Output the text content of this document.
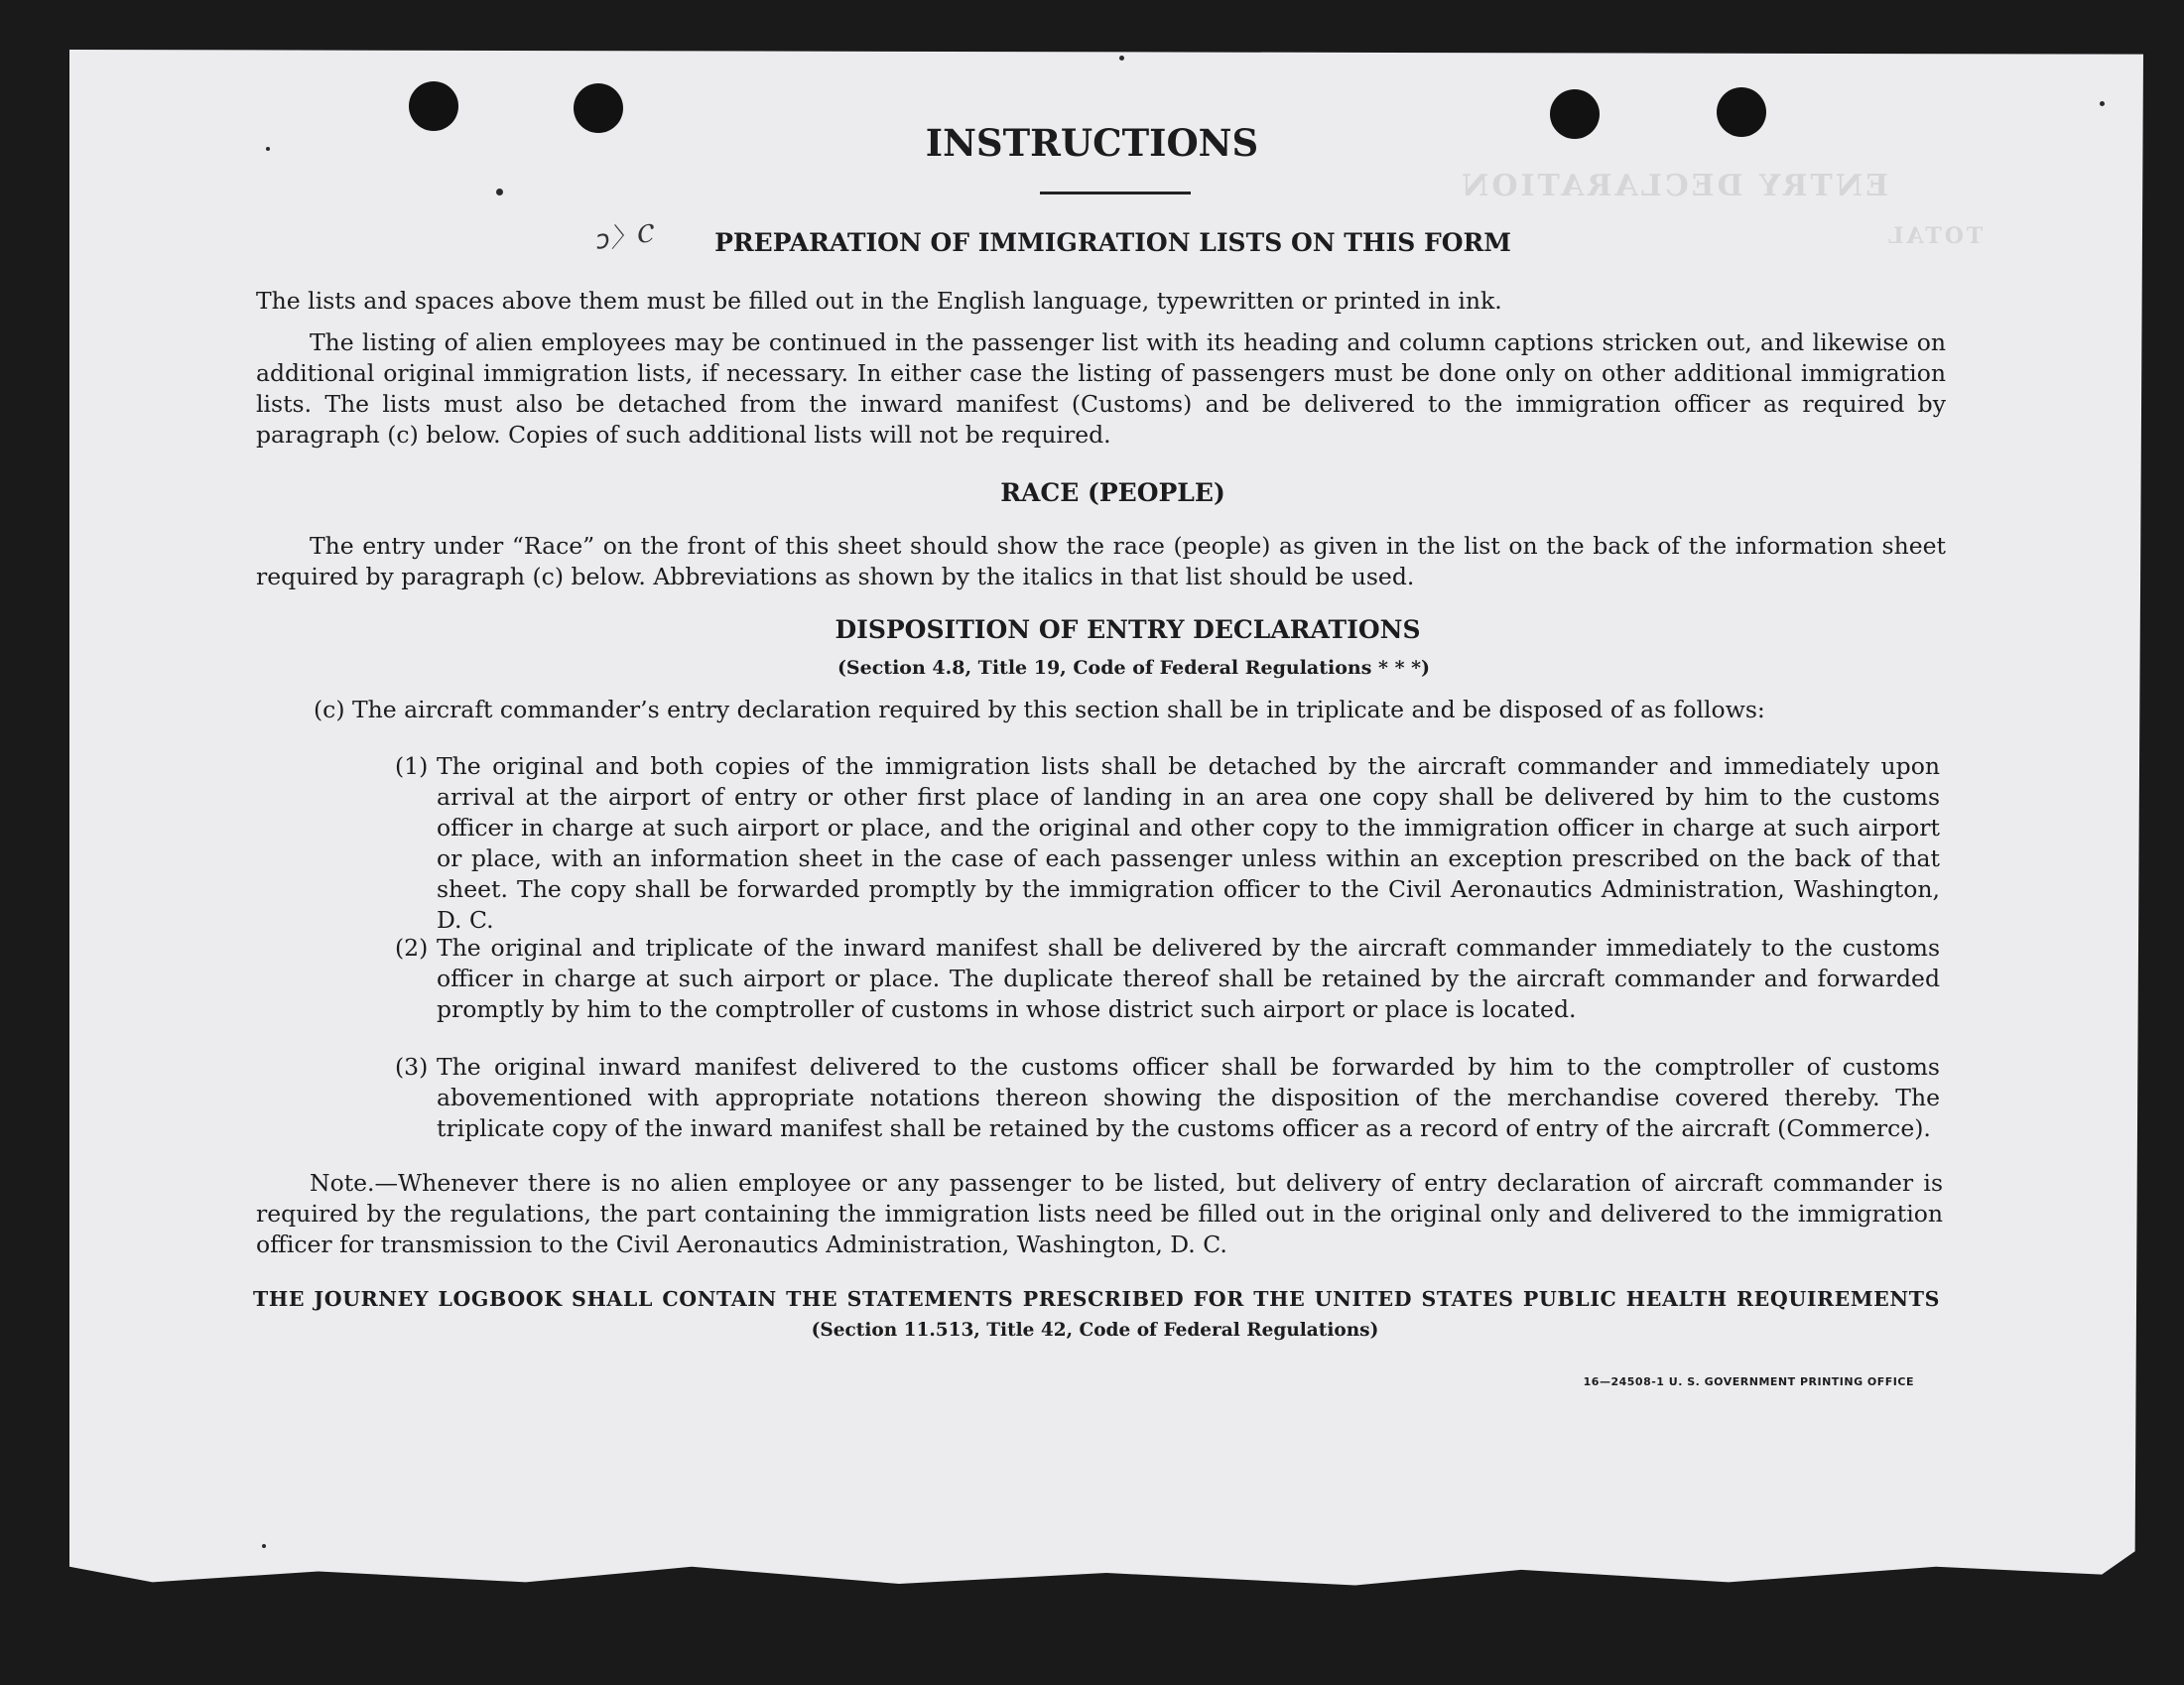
ENTRY DECLARATION
TOTAL
INSTRUCTIONS
ɔ〉Ⲥ	PREPARATION OF IMMIGRATION LISTS ON THIS FORM
The lists and spaces above them must be filled out in the English language, typewritten or printed in ink.
The listing of alien employees may be continued in the passenger list with its heading and column captions stricken out, and likewise on additional original immigration lists, if necessary. In either case the listing of passengers must be done only on other additional immigration lists. The lists must also be detached from the inward manifest (Customs) and be delivered to the immigration officer as required by paragraph (c) below. Copies of such additional lists will not be required.
RACE (PEOPLE)
The entry under “Race” on the front of this sheet should show the race (people) as given in the list on the back of the information sheet required by paragraph (c) below. Abbreviations as shown by the italics in that list should be used.
DISPOSITION OF ENTRY DECLARATIONS
(Section 4.8, Title 19, Code of Federal Regulations * * *)
(c) The aircraft commander’s entry declaration required by this section shall be in triplicate and be disposed of as follows:
(1) The original and both copies of the immigration lists shall be detached by the aircraft commander and immediately upon arrival at the airport of entry or other first place of landing in an area one copy shall be delivered by him to the customs officer in charge at such airport or place, and the original and other copy to the immigration officer in charge at such airport or place, with an information sheet in the case of each passenger unless within an exception prescribed on the back of that sheet. The copy shall be forwarded promptly by the immigration officer to the Civil Aeronautics Administration, Washington, D. C.
(2) The original and triplicate of the inward manifest shall be delivered by the aircraft commander immediately to the customs officer in charge at such airport or place. The duplicate thereof shall be retained by the aircraft commander and forwarded promptly by him to the comptroller of customs in whose district such airport or place is located.
(3) The original inward manifest delivered to the customs officer shall be forwarded by him to the comptroller of customs abovementioned with appropriate notations thereon showing the disposition of the merchandise covered thereby. The triplicate copy of the inward manifest shall be retained by the customs officer as a record of entry of the aircraft (Commerce).
Note.—Whenever there is no alien employee or any passenger to be listed, but delivery of entry declaration of aircraft commander is required by the regulations, the part containing the immigration lists need be filled out in the original only and delivered to the immigration officer for transmission to the Civil Aeronautics Administration, Washington, D. C.
THE JOURNEY LOGBOOK SHALL CONTAIN THE STATEMENTS PRESCRIBED FOR THE UNITED STATES PUBLIC HEALTH REQUIREMENTS
(Section 11.513, Title 42, Code of Federal Regulations)
16—24508-1 U. S. GOVERNMENT PRINTING OFFICE
